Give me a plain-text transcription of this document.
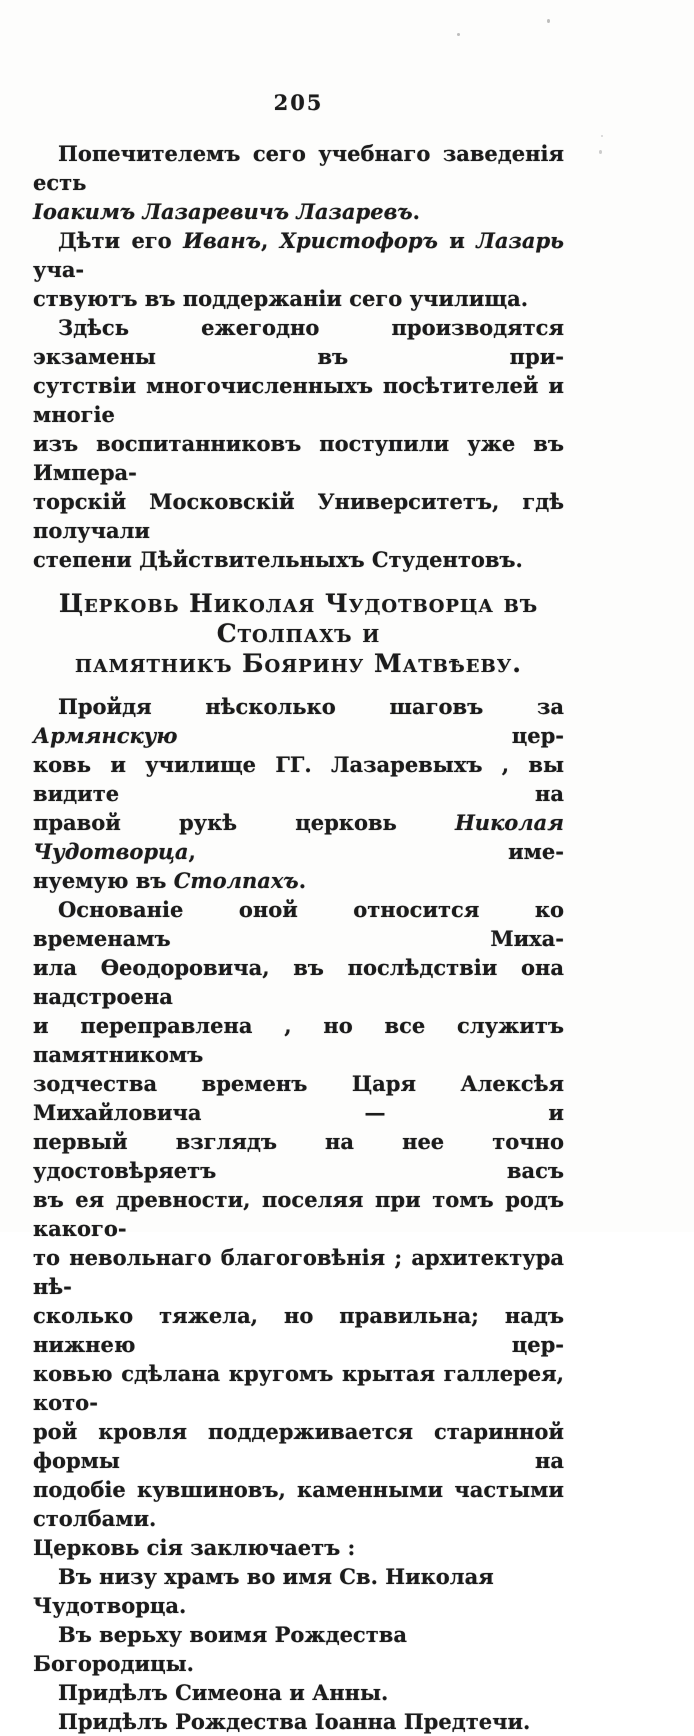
205
Попечителемъ сего учебнаго заведенія есть
Іоакимъ Лазаревичъ Лазаревъ.
Дѣти его Иванъ, Христофоръ и Лазарь уча-
ствуютъ въ поддержаніи сего училища.
Здѣсь ежегодно производятся экзамены въ при-
сутствіи многочисленныхъ посѣтителей и многіе
изъ воспитанниковъ поступили уже въ Импера-
торскій Московскій Университетъ, гдѣ получали
степени Дѣйствительныхъ Студентовъ.
Церковь Николая Чудотворца въ Столпахъ и
памятникъ Боярину Матвѣеву.
Пройдя нѣсколько шаговъ за Армянскую цер-
ковь и училище ГГ. Лазаревыхъ , вы видите на
правой рукѣ церковь Николая Чудотворца, име-
нуемую въ Столпахъ.
Основаніе оной относится ко временамъ Миха-
ила Ѳеодоровича, въ послѣдствіи она надстроена
и переправлена , но все служитъ памятникомъ
зодчества временъ Царя Алексѣя Михайловича — и
первый взглядъ на нее точно удостовѣряетъ васъ
въ ея древности, поселяя при томъ родъ какого-
то невольнаго благоговѣнія ; архитектура нѣ-
сколько тяжела, но правильна; надъ нижнею цер-
ковью сдѣлана кругомъ крытая галлерея, кото-
рой кровля поддерживается старинной формы на
подобіе кувшиновъ, каменными частыми столбами.
Церковь сія заключаетъ :
Въ низу храмъ во имя Св. Николая Чудотворца.
Въ верьху воимя Рождества Богородицы.
Придѣлъ Симеона и Анны.
Придѣлъ Рождества Іоанна Предтечи.
